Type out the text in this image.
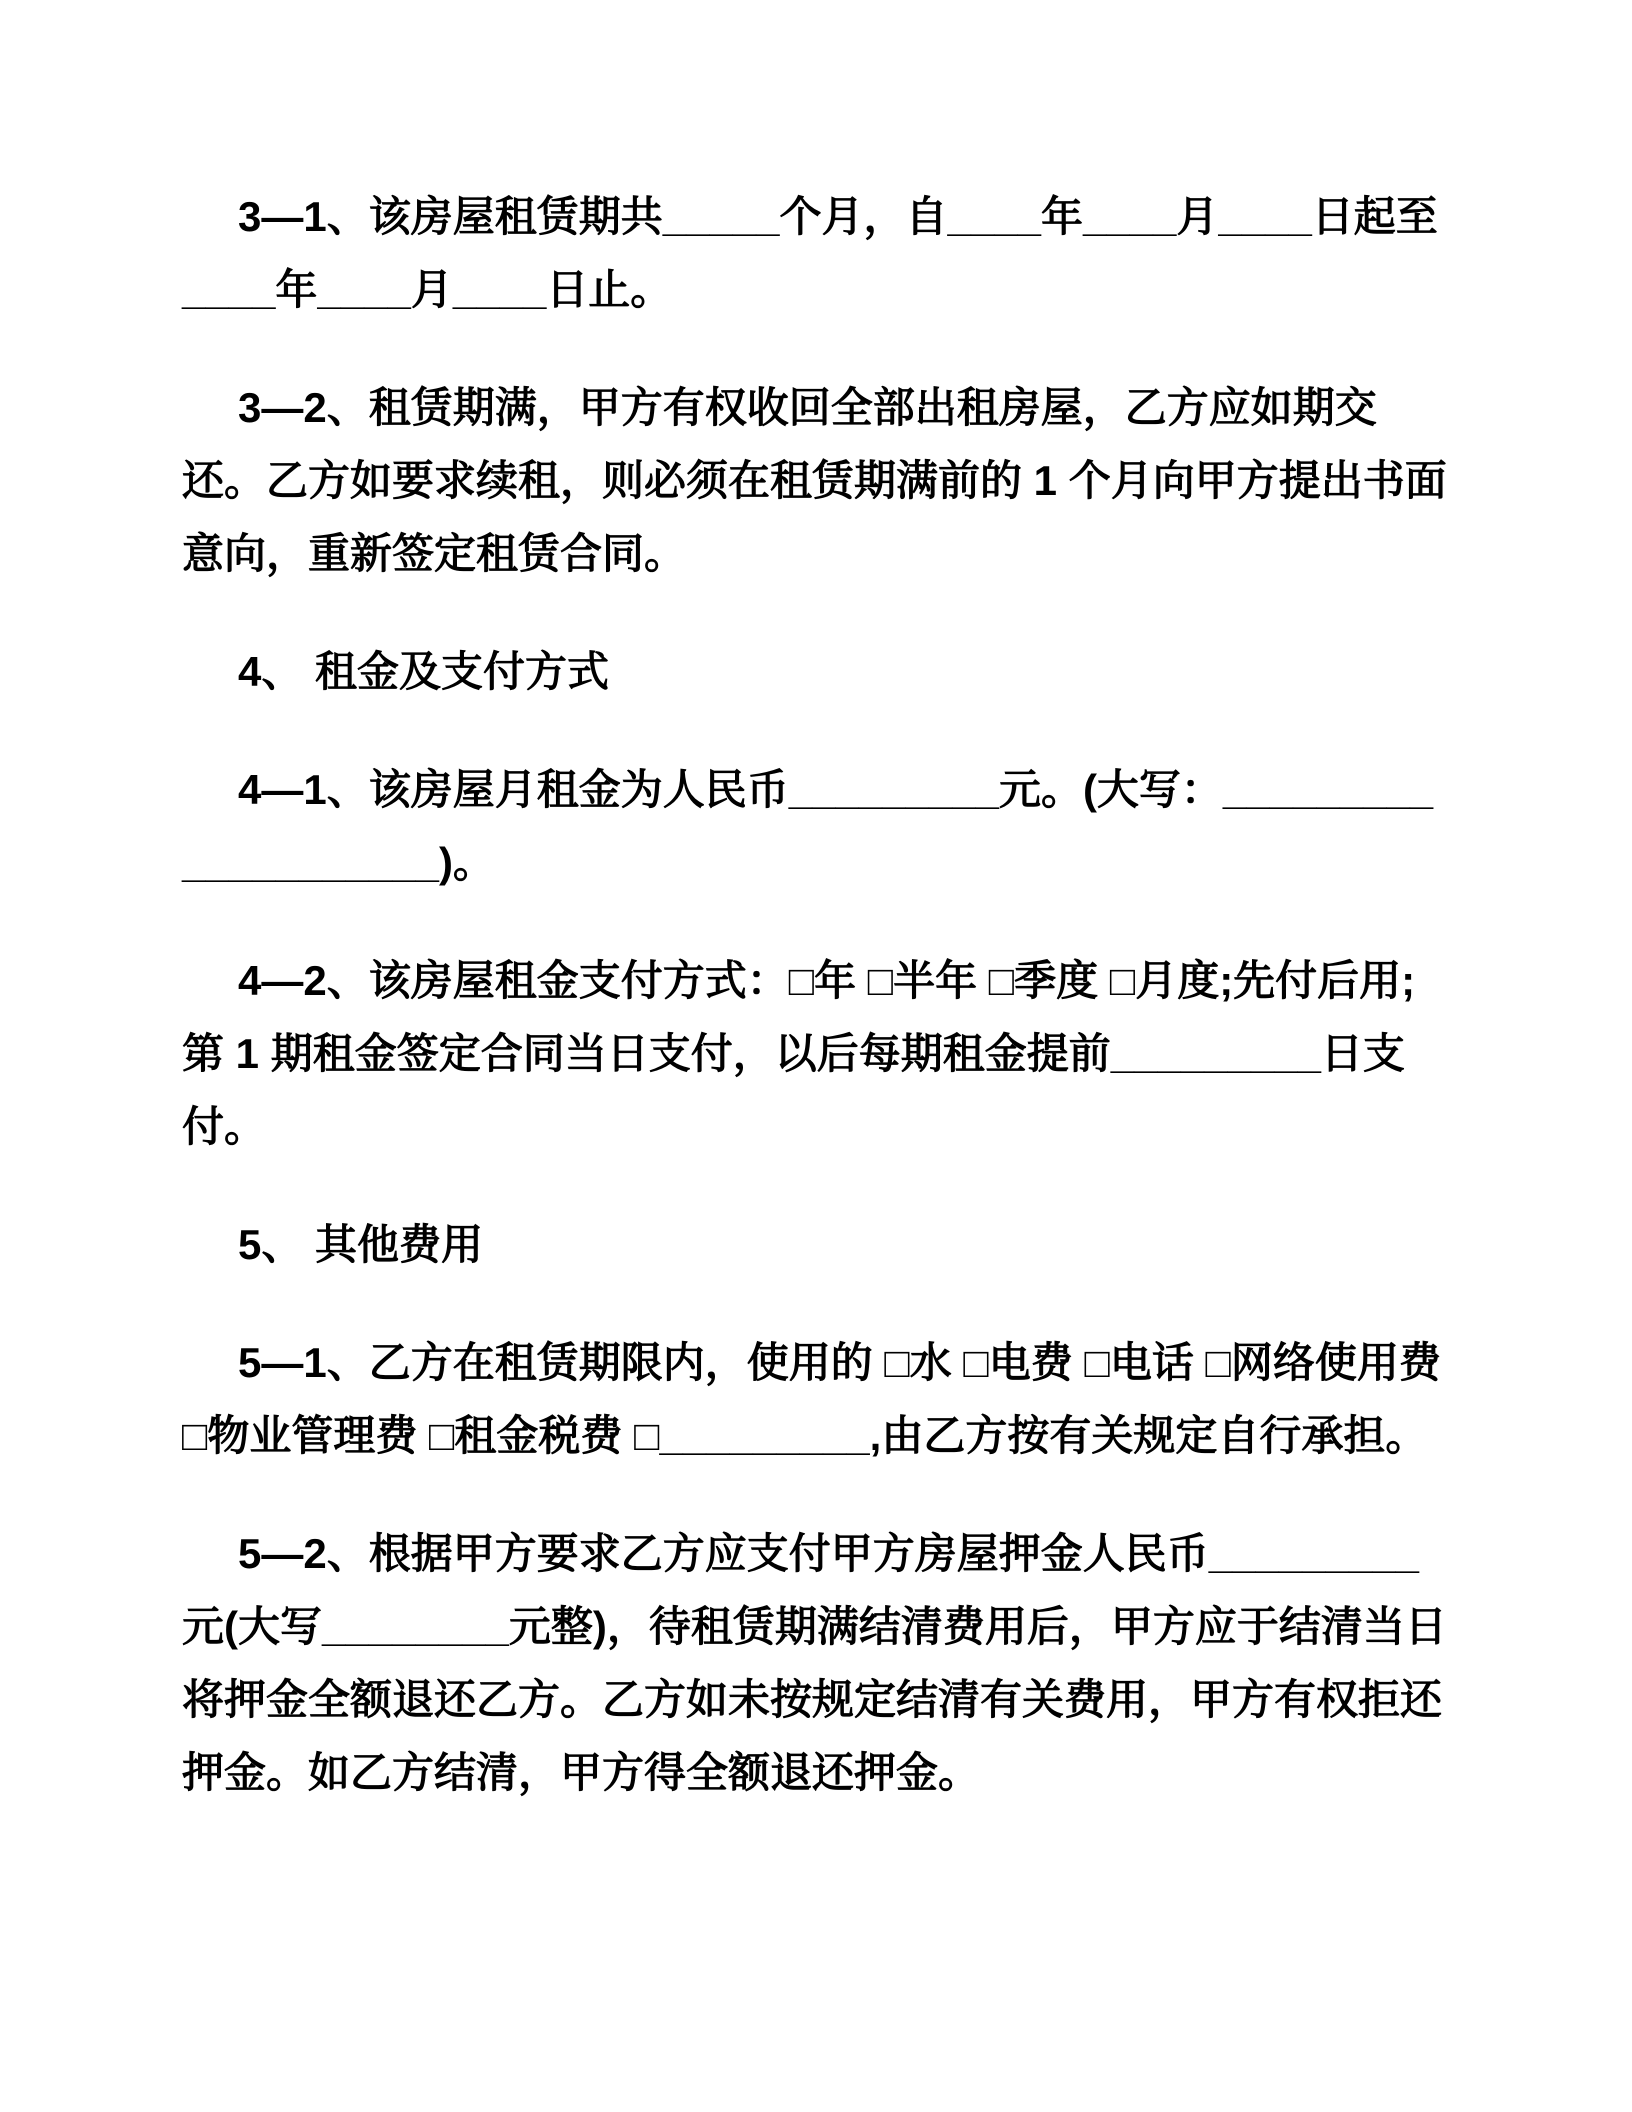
3—1、该房屋租赁期共_____个月，自____年____月____日起至____年____月____日止。

3—2、租赁期满，甲方有权收回全部出租房屋，乙方应如期交还。乙方如要求续租，则必须在租赁期满前的 1 个月向甲方提出书面意向，重新签定租赁合同。

4、 租金及支付方式

4—1、该房屋月租金为人民币_________元。(大写：____________________)。

4—2、该房屋租金支付方式：□年 □半年 □季度 □月度;先付后用;第 1 期租金签定合同当日支付，以后每期租金提前_________日支付。

5、 其他费用

5—1、乙方在租赁期限内，使用的 □水 □电费 □电话 □网络使用费 □物业管理费 □租金税费 □_________,由乙方按有关规定自行承担。

5—2、根据甲方要求乙方应支付甲方房屋押金人民币_________元(大写________元整)，待租赁期满结清费用后，甲方应于结清当日将押金全额退还乙方。乙方如未按规定结清有关费用，甲方有权拒还押金。如乙方结清，甲方得全额退还押金。
